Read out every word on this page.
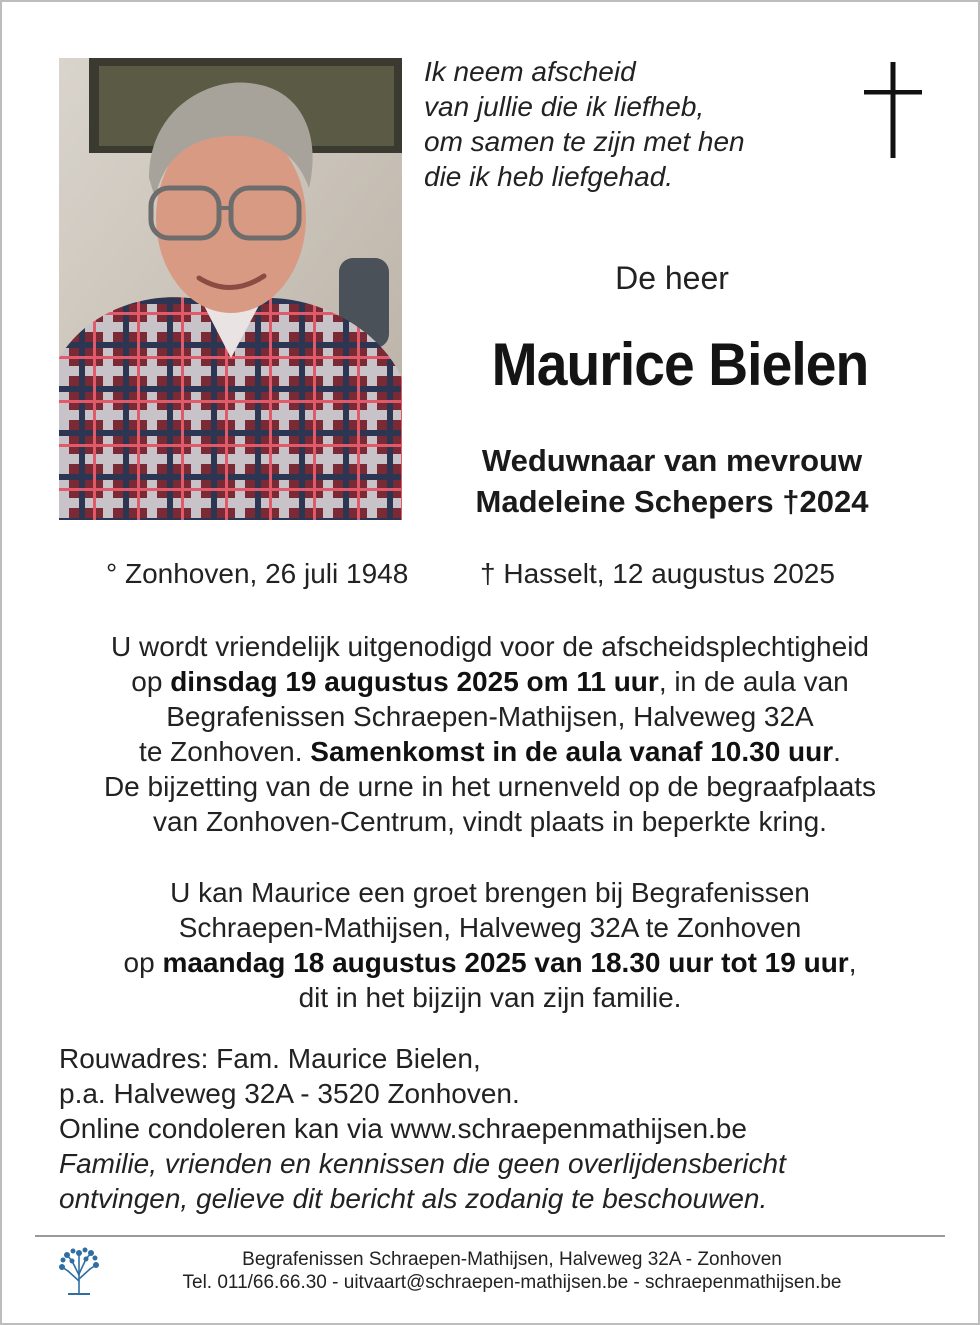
Ik neem afscheid
van jullie die ik liefheb,
om samen te zijn met hen
die ik heb liefgehad.
De heer
Maurice Bielen
Weduwnaar van mevrouw
Madeleine Schepers †2024
° Zonhoven, 26 juli 1948	† Hasselt, 12 augustus 2025
U wordt vriendelijk uitgenodigd voor de afscheidsplechtigheid
op dinsdag 19 augustus 2025 om 11 uur, in de aula van
Begrafenissen Schraepen-Mathijsen, Halveweg 32A
te Zonhoven. Samenkomst in de aula vanaf 10.30 uur.
De bijzetting van de urne in het urnenveld op de begraafplaats
van Zonhoven-Centrum, vindt plaats in beperkte kring.
U kan Maurice een groet brengen bij Begrafenissen
Schraepen-Mathijsen, Halveweg 32A te Zonhoven
op maandag 18 augustus 2025 van 18.30 uur tot 19 uur,
dit in het bijzijn van zijn familie.
Rouwadres: Fam. Maurice Bielen,
p.a. Halveweg 32A - 3520 Zonhoven.
Online condoleren kan via www.schraepenmathijsen.be
Familie, vrienden en kennissen die geen overlijdensbericht
ontvingen, gelieve dit bericht als zodanig te beschouwen.
Begrafenissen Schraepen-Mathijsen, Halveweg 32A - Zonhoven
Tel. 011/66.66.30 - uitvaart@schraepen-mathijsen.be - schraepenmathijsen.be
